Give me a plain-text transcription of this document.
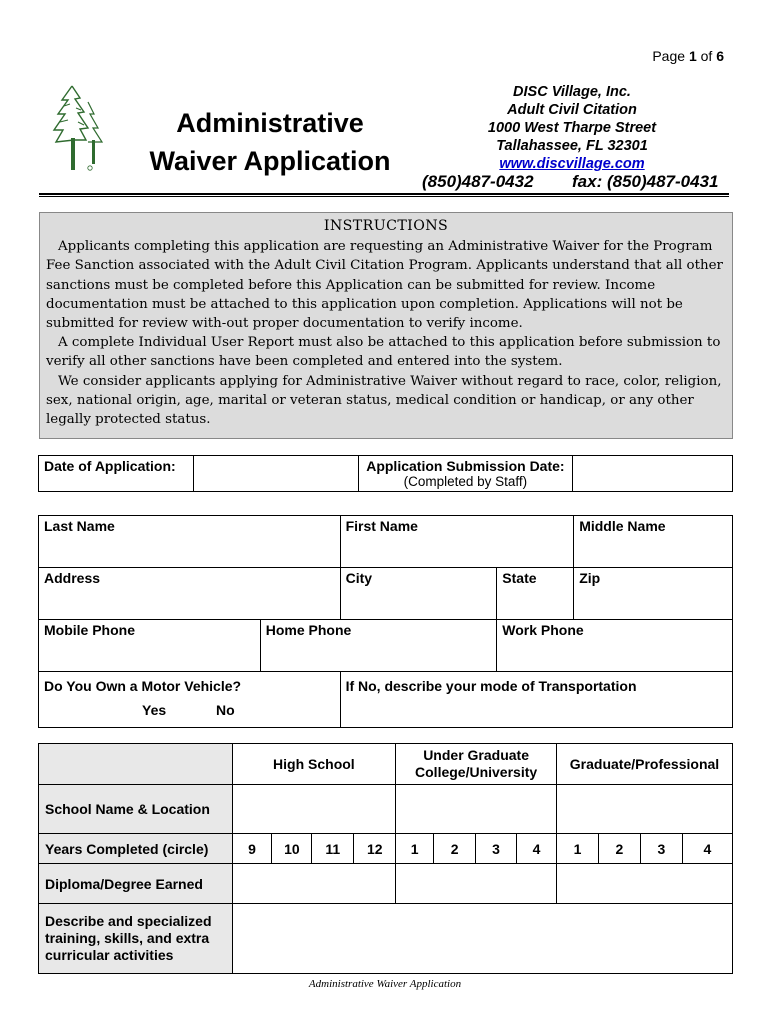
Page 1 of 6
Administrative
Waiver Application
DISC Village, Inc.
Adult Civil Citation
1000 West Tharpe Street
Tallahassee, FL 32301
www.discvillage.com
(850)487-0432 fax: (850)487-0431
INSTRUCTIONS

Applicants completing this application are requesting an Administrative Waiver for the Program Fee Sanction associated with the Adult Civil Citation Program. Applicants understand that all other sanctions must be completed before this Application can be submitted for review. Income documentation must be attached to this application upon completion. Applications will not be submitted for review with-out proper documentation to verify income.

A complete Individual User Report must also be attached to this application before submission to verify all other sanctions have been completed and entered into the system.

We consider applicants applying for Administrative Waiver without regard to race, color, religion, sex, national origin, age, marital or veteran status, medical condition or handicap, or any other legally protected status.

Date of Application:		Application Submission Date:
(Completed by Staff)

Last Name		First Name		Middle Name
Address		City	State	Zip
Mobile Phone	Home Phone		Work Phone	

Do You Own a Motor Vehicle?
Yes No		If No, describe your mode of Transportation		
	High School				Under Graduate College/University				Graduate/Professional			
School Name & Location												
Years Completed (circle)	9	10	11	12	1	2	3	4	1	2	3	4
Diploma/Degree Earned												
Describe and specialized training, skills, and extra curricular activities												
Administrative Waiver Application
